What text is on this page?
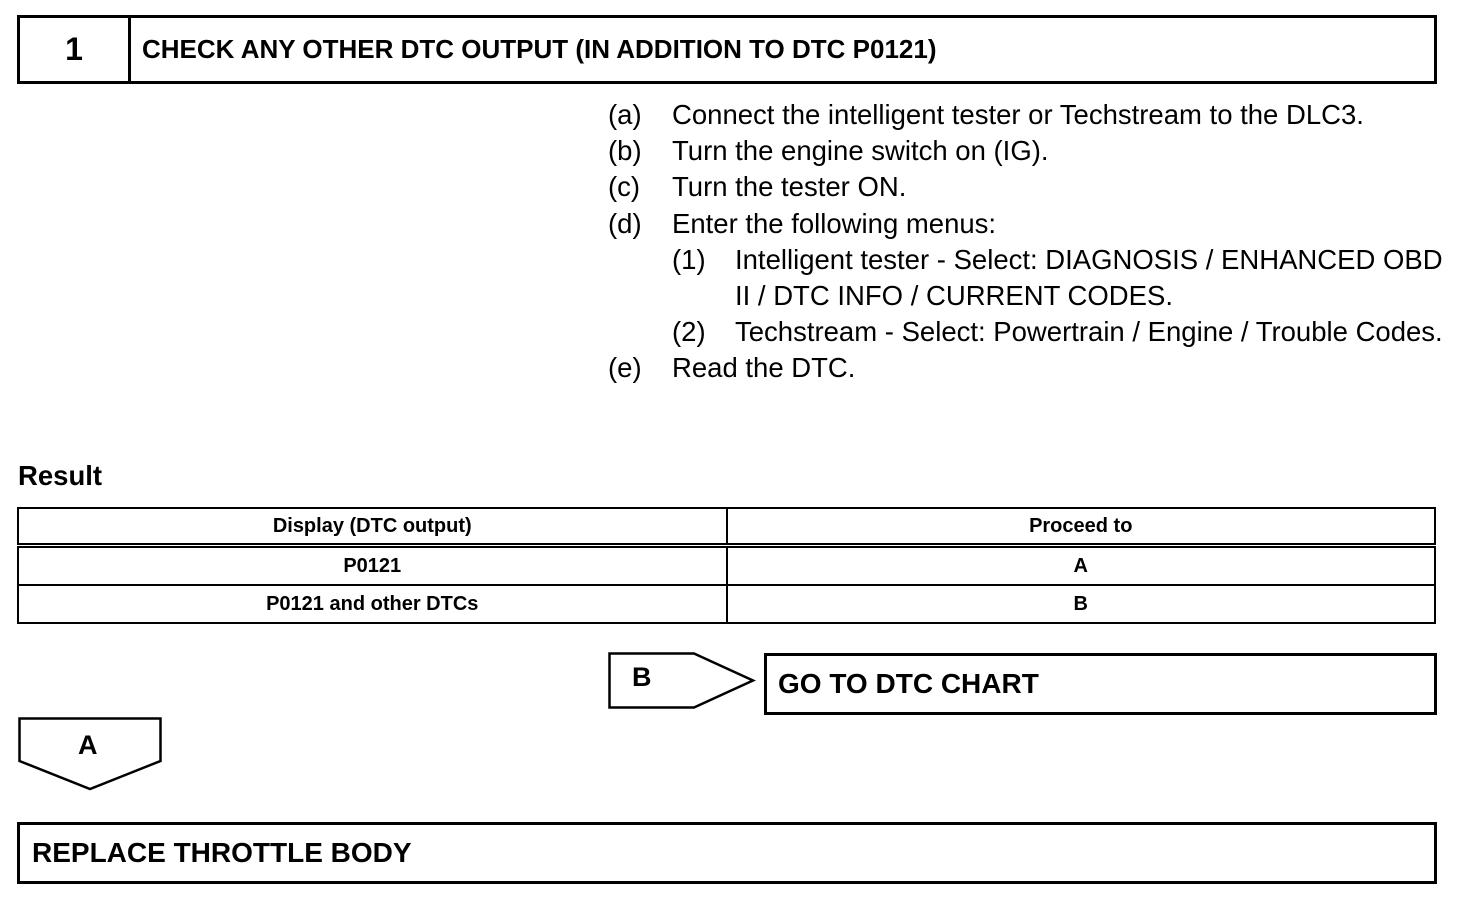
1	CHECK ANY OTHER DTC OUTPUT (IN ADDITION TO DTC P0121)
(a)	Connect the intelligent tester or Techstream to the DLC3.
(b)	Turn the engine switch on (IG).
(c)	Turn the tester ON.
(d)	Enter the following menus:
(1)	Intelligent tester - Select: DIAGNOSIS / ENHANCED OBD II / DTC INFO / CURRENT CODES.
(2)	Techstream - Select: Powertrain / Engine / Trouble Codes.
(e)	Read the DTC.
Result
Display (DTC output)	Proceed to
P0121	A
P0121 and other DTCs	B
B	GO TO DTC CHART
A
REPLACE THROTTLE BODY
